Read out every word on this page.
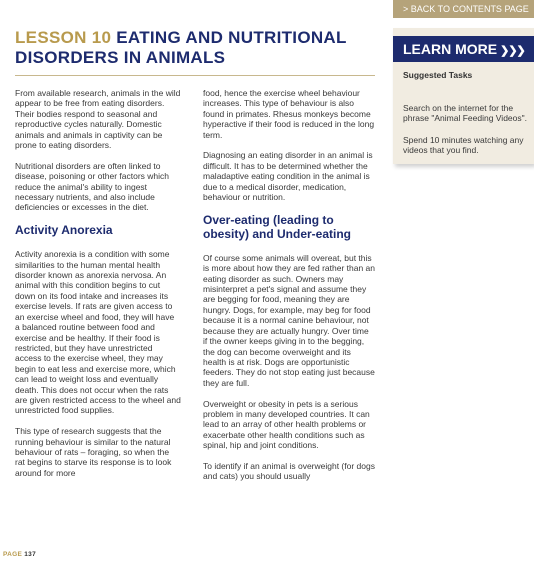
> BACK TO CONTENTS PAGE
LESSON 10 EATING AND NUTRITIONAL DISORDERS IN ANIMALS

From available research, animals in the wild appear to be free from eating disorders. Their bodies respond to seasonal and reproductive cycles naturally. Domestic animals and animals in captivity can be prone to eating disorders.

Nutritional disorders are often linked to disease, poisoning or other factors which reduce the animal's ability to ingest necessary nutrients, and also include deficiencies or excesses in the diet.

Activity Anorexia

Activity anorexia is a condition with some similarities to the human mental health disorder known as anorexia nervosa. An animal with this condition begins to cut down on its food intake and increases its exercise levels. If rats are given access to an exercise wheel and food, they will have a balanced routine between food and exercise and be healthy. If their food is restricted, but they have unrestricted access to the exercise wheel, they may begin to eat less and exercise more, which can lead to weight loss and eventually death. This does not occur when the rats are given restricted access to the wheel and unrestricted food supplies.

This type of research suggests that the running behaviour is similar to the natural behaviour of rats – foraging, so when the rat begins to starve its response is to look around for more

food, hence the exercise wheel behaviour increases. This type of behaviour is also found in primates. Rhesus monkeys become hyperactive if their food is reduced in the long term.

Diagnosing an eating disorder in an animal is difficult. It has to be determined whether the maladaptive eating condition in the animal is due to a medical disorder, medication, behaviour or nutrition.

Over-eating (leading to obesity) and Under-eating

Of course some animals will overeat, but this is more about how they are fed rather than an eating disorder as such. Owners may misinterpret a pet's signal and assume they are begging for food, meaning they are hungry. Dogs, for example, may beg for food because it is a normal canine behaviour, not because they are actually hungry. Over time if the owner keeps giving in to the begging, the dog can become overweight and its health is at risk. Dogs are opportunistic feeders. They do not stop eating just because they are full.

Overweight or obesity in pets is a serious problem in many developed countries. It can lead to an array of other health problems or exacerbate other health conditions such as spinal, hip and joint conditions.

To identify if an animal is overweight (for dogs and cats) you should usually

LEARN MORE ❯❯❯
Suggested Tasks
Search on the internet for the phrase "Animal Feeding Videos".
Spend 10 minutes watching any videos that you find.
PAGE 137
